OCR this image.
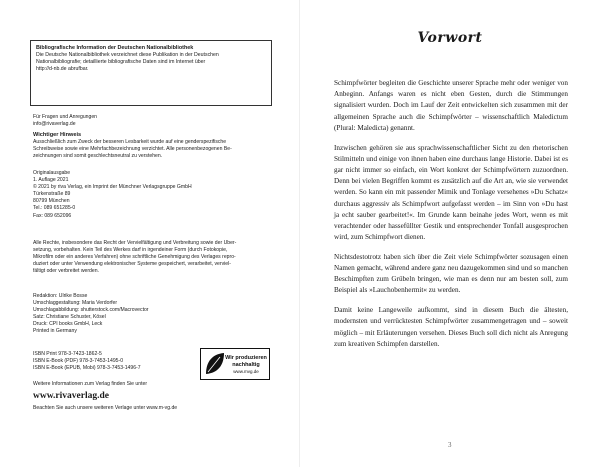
Bibliografische Information der Deutschen Nationalbibliothek

Die Deutsche Nationalbibliothek verzeichnet diese Publikation in der Deutschen

Nationalbibliografie; detaillierte bibliografische Daten sind im Internet über

http://d-nb.de abrufbar.

Für Fragen und Anregungen
info@rivaverlag.de
Wichtiger Hinweis
Ausschließlich zum Zweck der besseren Lesbarkeit wurde auf eine genderspezifische
Schreibweise sowie eine Mehrfachbezeichnung verzichtet. Alle personenbezogenen Be-
zeichnungen sind somit geschlechtsneutral zu verstehen.
Originalausgabe
1. Auflage 2021
© 2021 by riva Verlag, ein Imprint der Münchner Verlagsgruppe GmbH
Türkenstraße 89
80799 München
Tel.: 089 651285-0
Fax: 089 652096
Alle Rechte, insbesondere das Recht der Vervielfältigung und Verbreitung sowie der Über-
setzung, vorbehalten. Kein Teil des Werkes darf in irgendeiner Form (durch Fotokopie,
Mikrofilm oder ein anderes Verfahren) ohne schriftliche Genehmigung des Verlages repro-
duziert oder unter Verwendung elektronischer Systeme gespeichert, verarbeitet, verviel-
fältigt oder verbreitet werden.
Redaktion: Ulrike Bosse
Umschlaggestaltung: Maria Verdorfer
Umschlagabbildung: shutterstock.com/Macrovector
Satz: Christiane Schuster, Kösel
Druck: CPI books GmbH, Leck
Printed in Germany
ISBN Print 978-3-7423-1862-5
ISBN E-Book (PDF) 978-3-7453-1495-0
ISBN E-Book (EPUB, Mobi) 978-3-7453-1496-7
Wir produzieren
nachhaltig
www.mvg.de
Weitere Informationen zum Verlag finden Sie unter
www.rivaverlag.de
Beachten Sie auch unsere weiteren Verlage unter www.m-vg.de
Vorwort

Schimpfwörter begleiten die Geschichte unserer Sprache mehr oder weniger von Anbeginn. Anfangs waren es nicht eben Gesten, durch die Stimmungen signalisiert wurden. Doch im Lauf der Zeit entwickelten sich zusammen mit der allgemeinen Sprache auch die Schimpfwörter – wissenschaftlich Maledictum (Plural: Maledicta) genannt.

Inzwischen gehören sie aus sprachwissenschaftlicher Sicht zu den rhetorischen Stilmitteln und einige von ihnen haben eine durchaus lange Historie. Dabei ist es gar nicht immer so einfach, ein Wort konkret der Schimpfwörtern zuzuordnen. Denn bei vielen Begriffen kommt es zusätzlich auf die Art an, wie sie verwendet werden. So kann ein mit passender Mimik und Tonlage versehenes »Du Schatz« durchaus aggressiv als Schimpfwort aufgefasst werden – im Sinn von »Du hast ja echt sauber gearbeitet!«. Im Grunde kann beinahe jedes Wort, wenn es mit verachtender oder hassefüllter Gestik und entsprechender Tonfall ausgesprochen wird, zum Schimpfwort dienen.

Nichtsdestotrotz haben sich über die Zeit viele Schimpfwörter sozusagen einen Namen gemacht, während andere ganz neu dazugekommen sind und so manchen Beschimpften zum Grübeln bringen, wie man es denn nur am besten soll, zum Beispiel als »Lauchobenhermit« zu werden.

Damit keine Langeweile aufkommt, sind in diesem Buch die ältesten, modernsten und verrücktesten Schimpfwörter zusammengetragen und – soweit möglich – mit Erläuterungen versehen. Dieses Buch soll dich nicht als Anregung zum kreativen Schimpfen darstellen.

3
